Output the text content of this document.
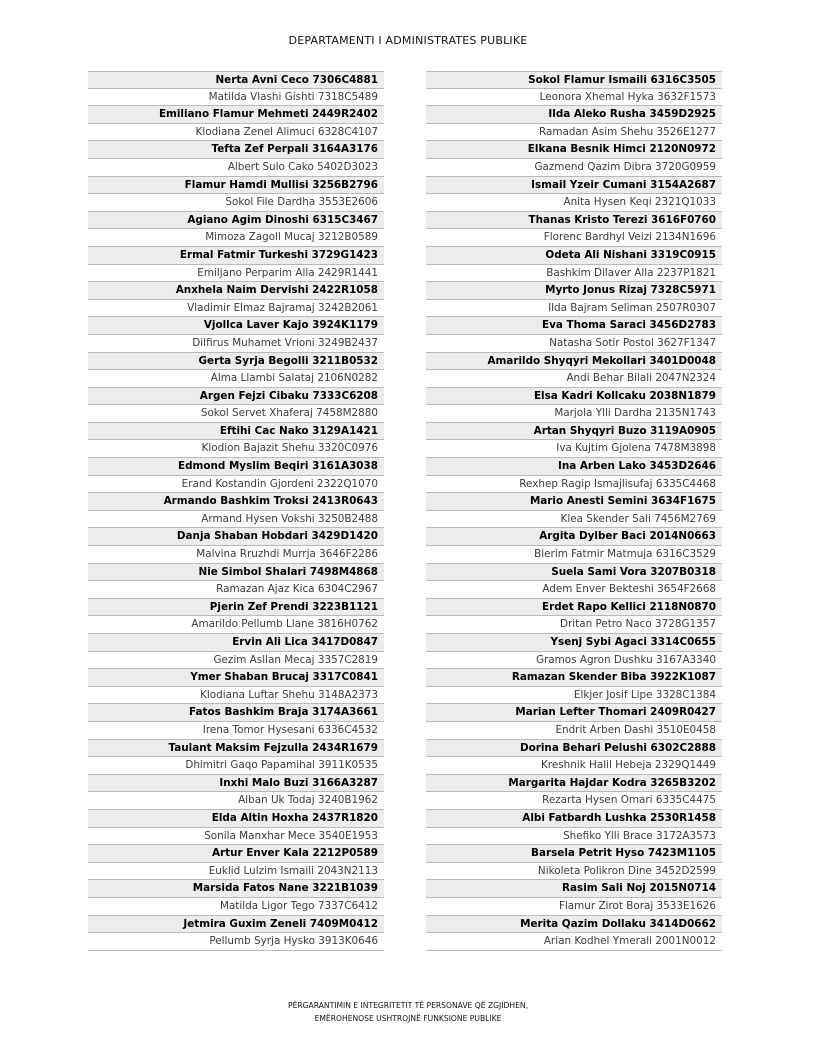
DEPARTAMENTI I ADMINISTRATES PUBLIKE
Nerta Avni Ceco 7306C4881
Matilda Vlashi Gishti 7318C5489
Emiliano Flamur Mehmeti 2449R2402
Klodiana Zenel Alimuci 6328C4107
Tefta Zef Perpali 3164A3176
Albert Sulo Cako 5402D3023
Flamur Hamdi Mullisi 3256B2796
Sokol File Dardha 3553E2606
Agiano Agim Dinoshi 6315C3467
Mimoza Zagoll Mucaj 3212B0589
Ermal Fatmir Turkeshi 3729G1423
Emiljano Perparim Alla 2429R1441
Anxhela Naim Dervishi 2422R1058
Vladimir Elmaz Bajramaj 3242B2061
Vjollca Laver Kajo 3924K1179
Dilfirus Muhamet Vrioni 3249B2437
Gerta Syrja Begolli 3211B0532
Alma Llambi Salataj 2106N0282
Argen Fejzi Cibaku 7333C6208
Sokol Servet Xhaferaj 7458M2880
Eftihi Cac Nako 3129A1421
Klodion Bajazit Shehu 3320C0976
Edmond Myslim Beqiri 3161A3038
Erand Kostandin Gjordeni 2322Q1070
Armando Bashkim Troksi 2413R0643
Armand Hysen Vokshi 3250B2488
Danja Shaban Hobdari 3429D1420
Malvina Rruzhdi Murrja 3646F2286
Nie Simbol Shalari 7498M4868
Ramazan Ajaz Kica 6304C2967
Pjerin Zef Prendi 3223B1121
Amarildo Pellumb Llane 3816H0762
Ervin Ali Lica 3417D0847
Gezim Asllan Mecaj 3357C2819
Ymer Shaban Brucaj 3317C0841
Klodiana Luftar Shehu 3148A2373
Fatos Bashkim Braja 3174A3661
Irena Tomor Hysesani 6336C4532
Taulant Maksim Fejzulla 2434R1679
Dhimitri Gaqo Papamihal 3911K0535
Inxhi Malo Buzi 3166A3287
Alban Uk Todaj 3240B1962
Elda Altin Hoxha 2437R1820
Sonila Manxhar Mece 3540E1953
Artur Enver Kala 2212P0589
Euklid Lulzim Ismaili 2043N2113
Marsida Fatos Nane 3221B1039
Matilda Ligor Tego 7337C6412
Jetmira Guxim Zeneli 7409M0412
Pellumb Syrja Hysko 3913K0646
Sokol Flamur Ismaili 6316C3505
Leonora Xhemal Hyka 3632F1573
Ilda Aleko Rusha 3459D2925
Ramadan Asim Shehu 3526E1277
Elkana Besnik Himci 2120N0972
Gazmend Qazim Dibra 3720G0959
Ismail Yzeir Cumani 3154A2687
Anita Hysen Keqi 2321Q1033
Thanas Kristo Terezi 3616F0760
Florenc Bardhyl Veizi 2134N1696
Odeta Ali Nishani 3319C0915
Bashkim Dilaver Alla 2237P1821
Myrto Jonus Rizaj 7328C5971
Ilda Bajram Seliman 2507R0307
Eva Thoma Saraci 3456D2783
Natasha Sotir Postol 3627F1347
Amarildo Shyqyri Mekollari 3401D0048
Andi Behar Bilali 2047N2324
Elsa Kadri Kollcaku 2038N1879
Marjola Ylli Dardha 2135N1743
Artan Shyqyri Buzo 3119A0905
Iva Kujtim Gjolena 7478M3898
Ina Arben Lako 3453D2646
Rexhep Ragip Ismajlisufaj 6335C4468
Mario Anesti Semini 3634F1675
Klea Skender Sali 7456M2769
Argita Dylber Baci 2014N0663
Blerim Fatmir Matmuja 6316C3529
Suela Sami Vora 3207B0318
Adem Enver Bekteshi 3654F2668
Erdet Rapo Kellici 2118N0870
Dritan Petro Naco 3728G1357
Ysenj Sybi Agaci 3314C0655
Gramos Agron Dushku 3167A3340
Ramazan Skender Biba 3922K1087
Elkjer Josif Lipe 3328C1384
Marian Lefter Thomari 2409R0427
Endrit Arben Dashi 3510E0458
Dorina Behari Pelushi 6302C2888
Kreshnik Halil Hebeja 2329Q1449
Margarita Hajdar Kodra 3265B3202
Rezarta Hysen Omari 6335C4475
Albi Fatbardh Lushka 2530R1458
Shefiko Ylli Brace 3172A3573
Barsela Petrit Hyso 7423M1105
Nikoleta Polikron Dine 3452D2599
Rasim Sali Noj 2015N0714
Flamur Zirot Boraj 3533E1626
Merita Qazim Dollaku 3414D0662
Arian Kodhel Ymerali 2001N0012
PËRGARANTIMIN E INTEGRITETIT TË PERSONAVE QË ZGJIDHEN,
EMËROHENOSE USHTROJNË FUNKSIONE PUBLIKE
